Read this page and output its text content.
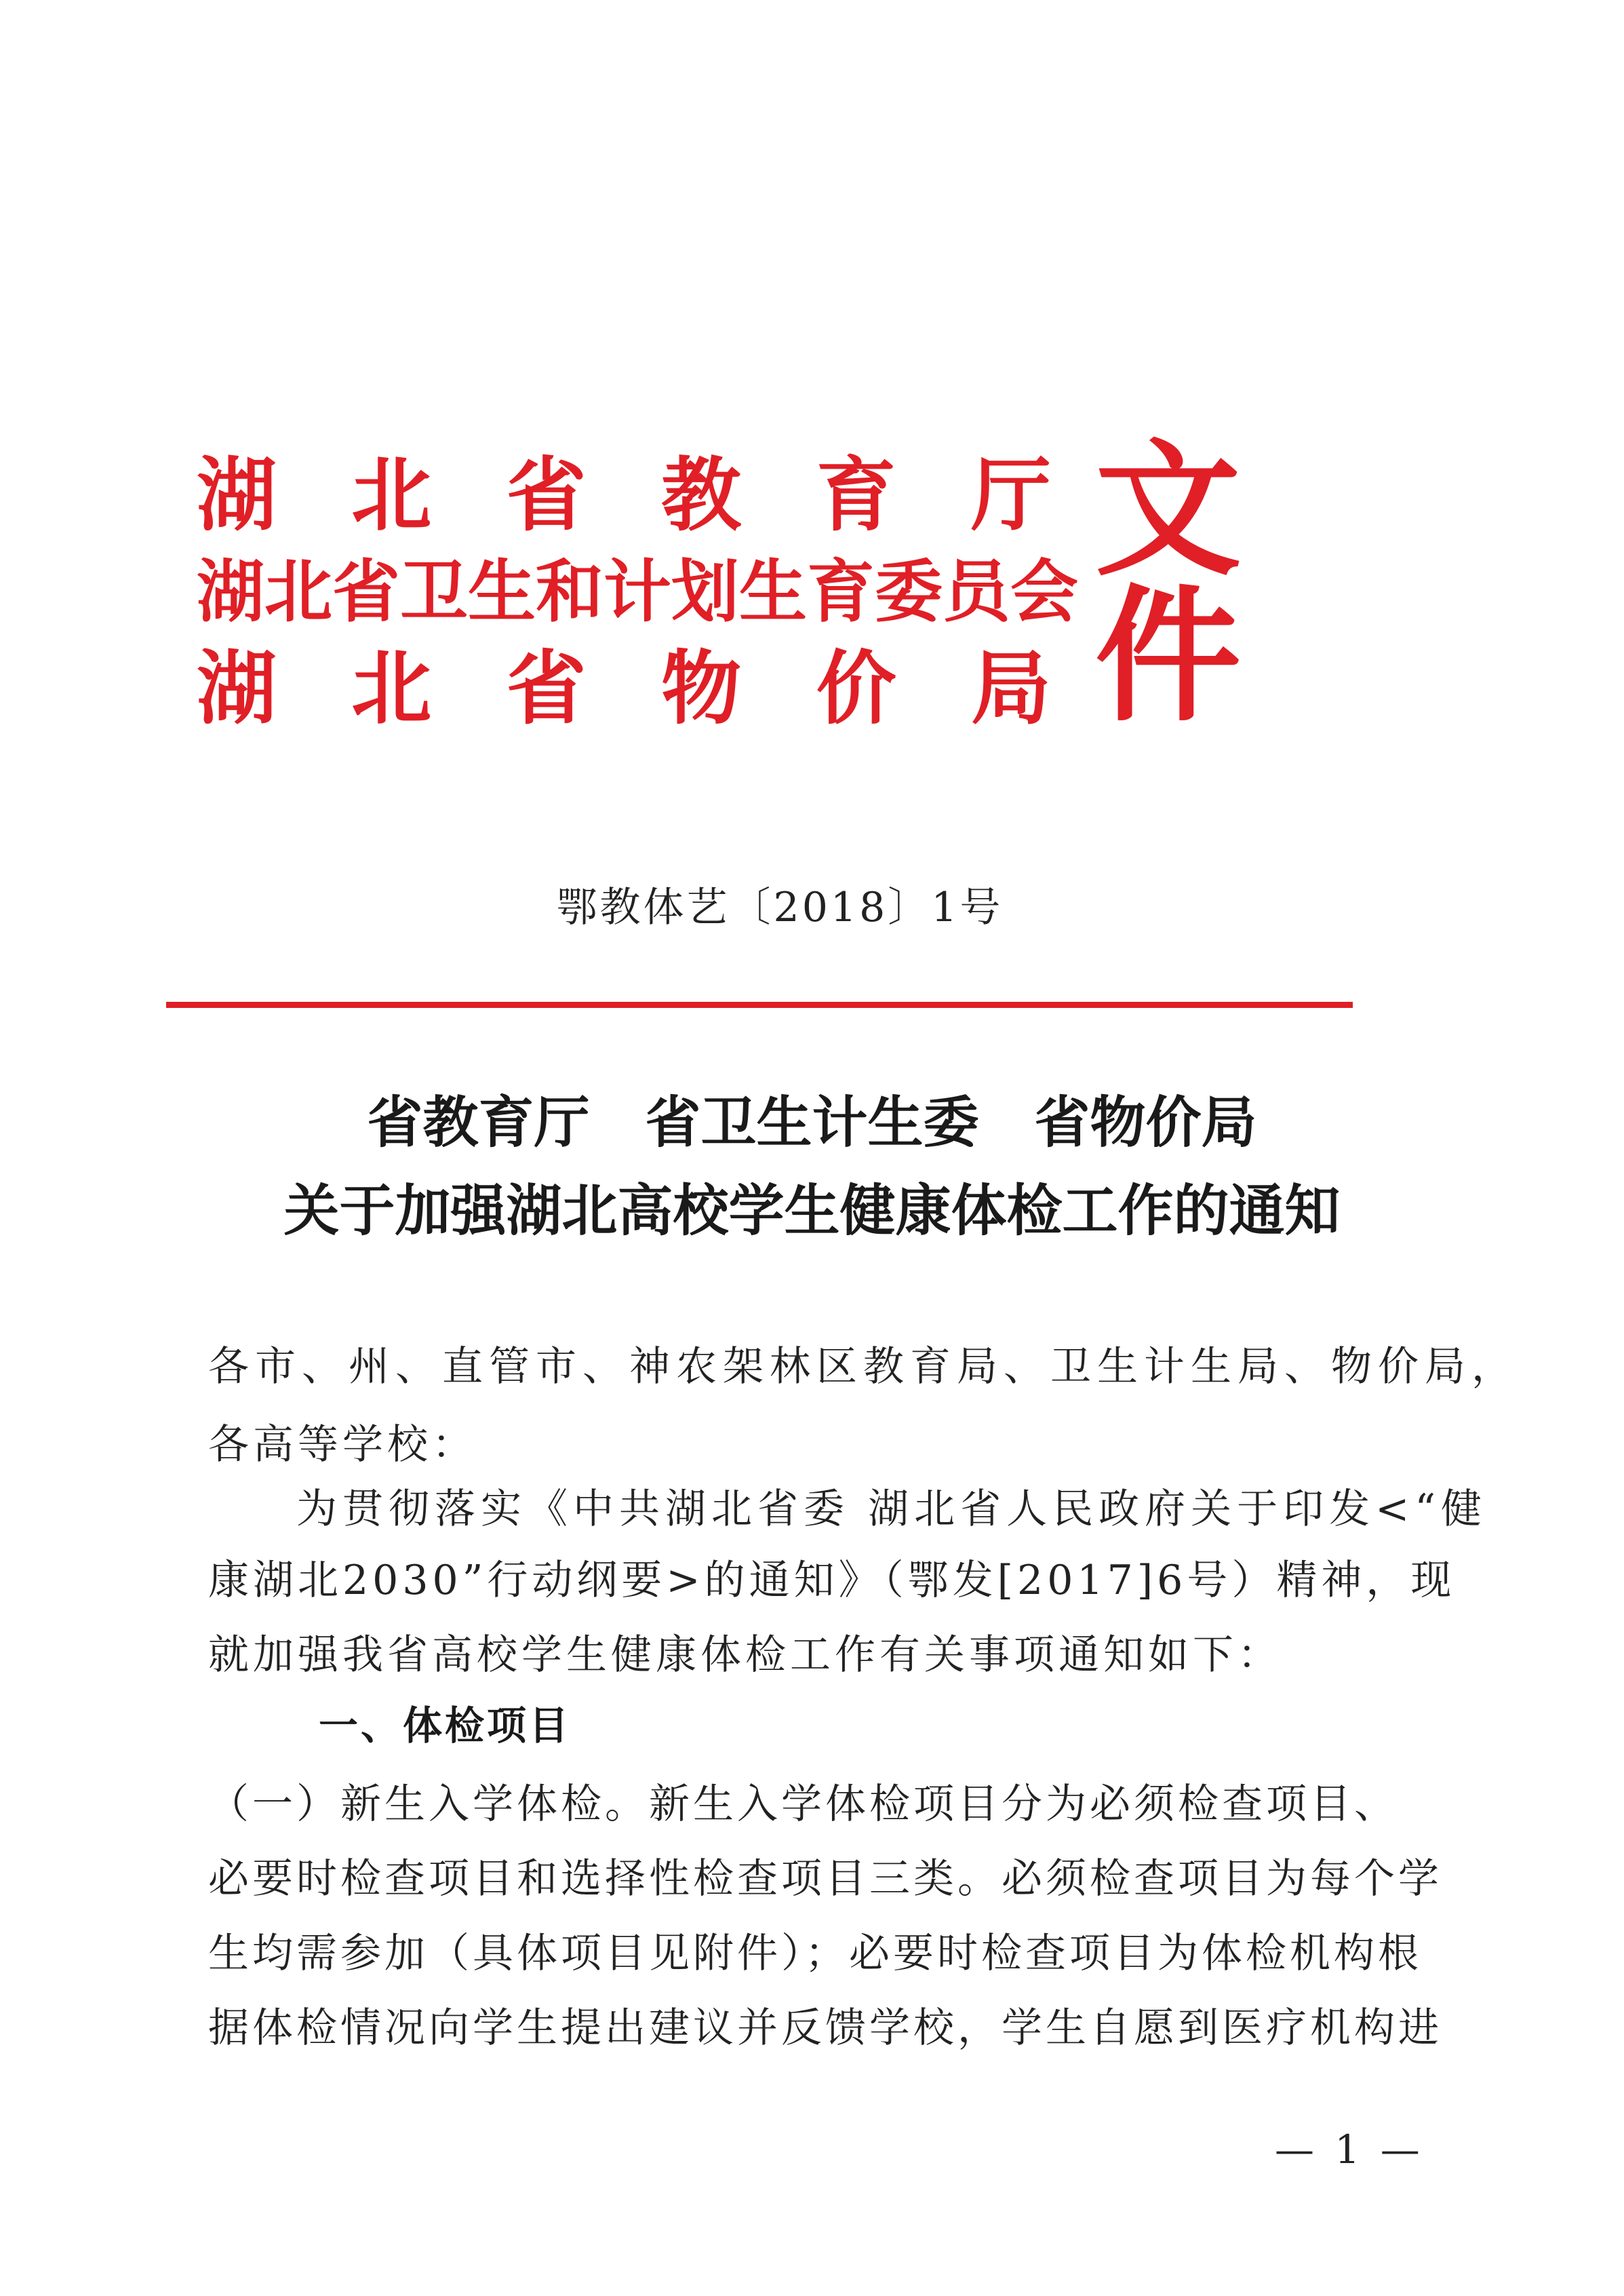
湖 北 省 教 育 厅
湖 北 省 卫 生 和 计 划 生 育 委 员 会
湖 北 省 物 价 局
文件
鄂教体艺〔2018〕1号
省教育厅　省卫生计生委　省物价局
关于加强湖北高校学生健康体检工作的通知
各市、州、直管市、神农架林区教育局、卫生计生局、物价局，
各高等学校：
为贯彻落实《中共湖北省委 湖北省人民政府关于印发<“健
康湖北2030”行动纲要>的通知》（鄂发[2017]6号）精神，现
就加强我省高校学生健康体检工作有关事项通知如下：
一、体检项目
（一）新生入学体检。新生入学体检项目分为必须检查项目、
必要时检查项目和选择性检查项目三类。必须检查项目为每个学
生均需参加（具体项目见附件）；必要时检查项目为体检机构根
据体检情况向学生提出建议并反馈学校，学生自愿到医疗机构进
— 1 —
